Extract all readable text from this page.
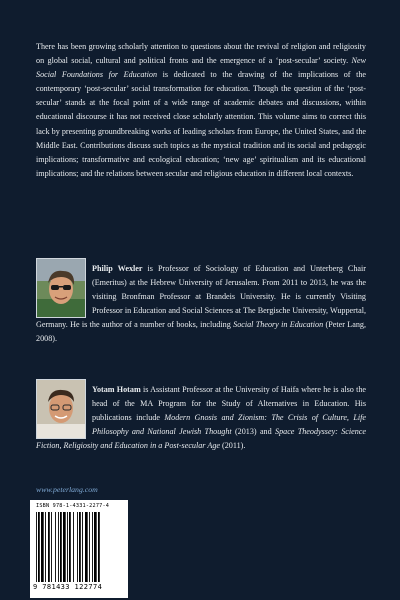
There has been growing scholarly attention to questions about the revival of religion and religiosity on global social, cultural and political fronts and the emergence of a ‘post-secular’ society. New Social Foundations for Education is dedicated to the drawing of the implications of the contemporary ‘post-secular’ social transformation for education. Though the question of the ‘post-secular’ stands at the focal point of a wide range of academic debates and discussions, within educational discourse it has not received close scholarly attention. This volume aims to correct this lack by presenting groundbreaking works of leading scholars from Europe, the United States, and the Middle East. Contributions discuss such topics as the mystical tradition and its social and pedagogic implications; transformative and ecological education; ‘new age’ spiritualism and its educational implications; and the relations between secular and religious education in different local contexts.

Philip Wexler is Professor of Sociology of Education and Unterberg Chair (Emeritus) at the Hebrew University of Jerusalem. From 2011 to 2013, he was the visiting Bronfman Professor at Brandeis University. He is currently Visiting Professor in Education and Social Sciences at The Bergische University, Wuppertal, Germany. He is the author of a number of books, including Social Theory in Education (Peter Lang, 2008).
Yotam Hotam is Assistant Professor at the University of Haifa where he is also the head of the MA Program for the Study of Alternatives in Education. His publications include Modern Gnosis and Zionism: The Crisis of Culture, Life Philosophy and National Jewish Thought (2013) and Space Theodyssey: Science Fiction, Religiosity and Education in a Post-secular Age (2011).
www.peterlang.com
ISBN 978-1-4331-2277-4
9 781433 122774
